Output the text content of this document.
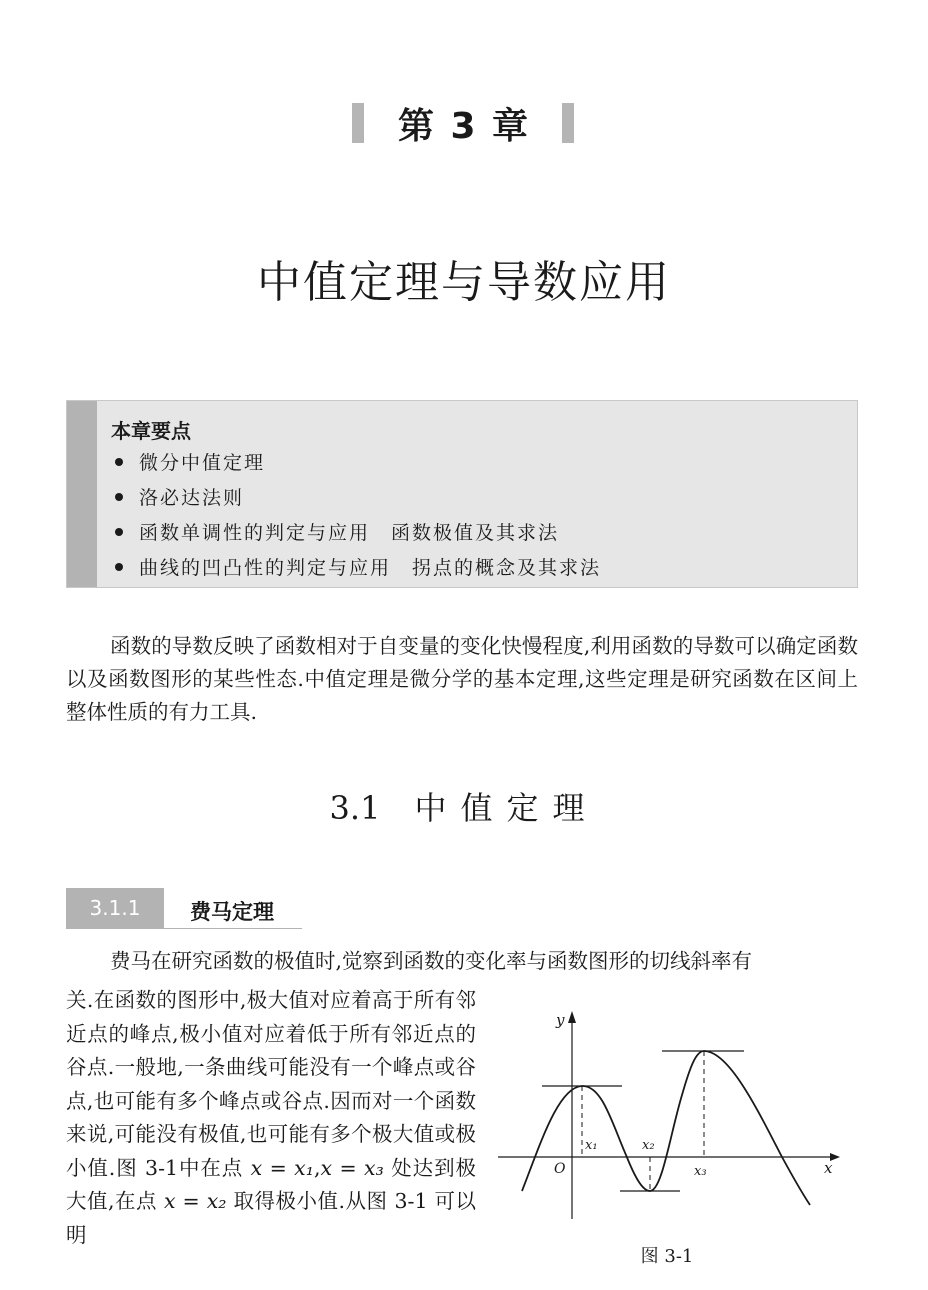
第 3 章
中值定理与导数应用
本章要点
微分中值定理
洛必达法则
函数单调性的判定与应用　函数极值及其求法
曲线的凹凸性的判定与应用　拐点的概念及其求法

函数的导数反映了函数相对于自变量的变化快慢程度,利用函数的导数可以确定函数以及函数图形的某些性态.中值定理是微分学的基本定理,这些定理是研究函数在区间上整体性质的有力工具.

3.1 中值定理
3.1.1	费马定理

费马在研究函数的极值时,觉察到函数的变化率与函数图形的切线斜率有

关.在函数的图形中,极大值对应着高于所有邻近点的峰点,极小值对应着低于所有邻近点的谷点.一般地,一条曲线可能没有一个峰点或谷点,也可能有多个峰点或谷点.因而对一个函数来说,可能没有极值,也可能有多个极大值或极小值.图 3-1中在点 x = x₁,x = x₃ 处达到极大值,在点 x = x₂ 取得极小值.从图 3-1 可以明

y
x
O
x₁	x₂
x₃
图 3-1
